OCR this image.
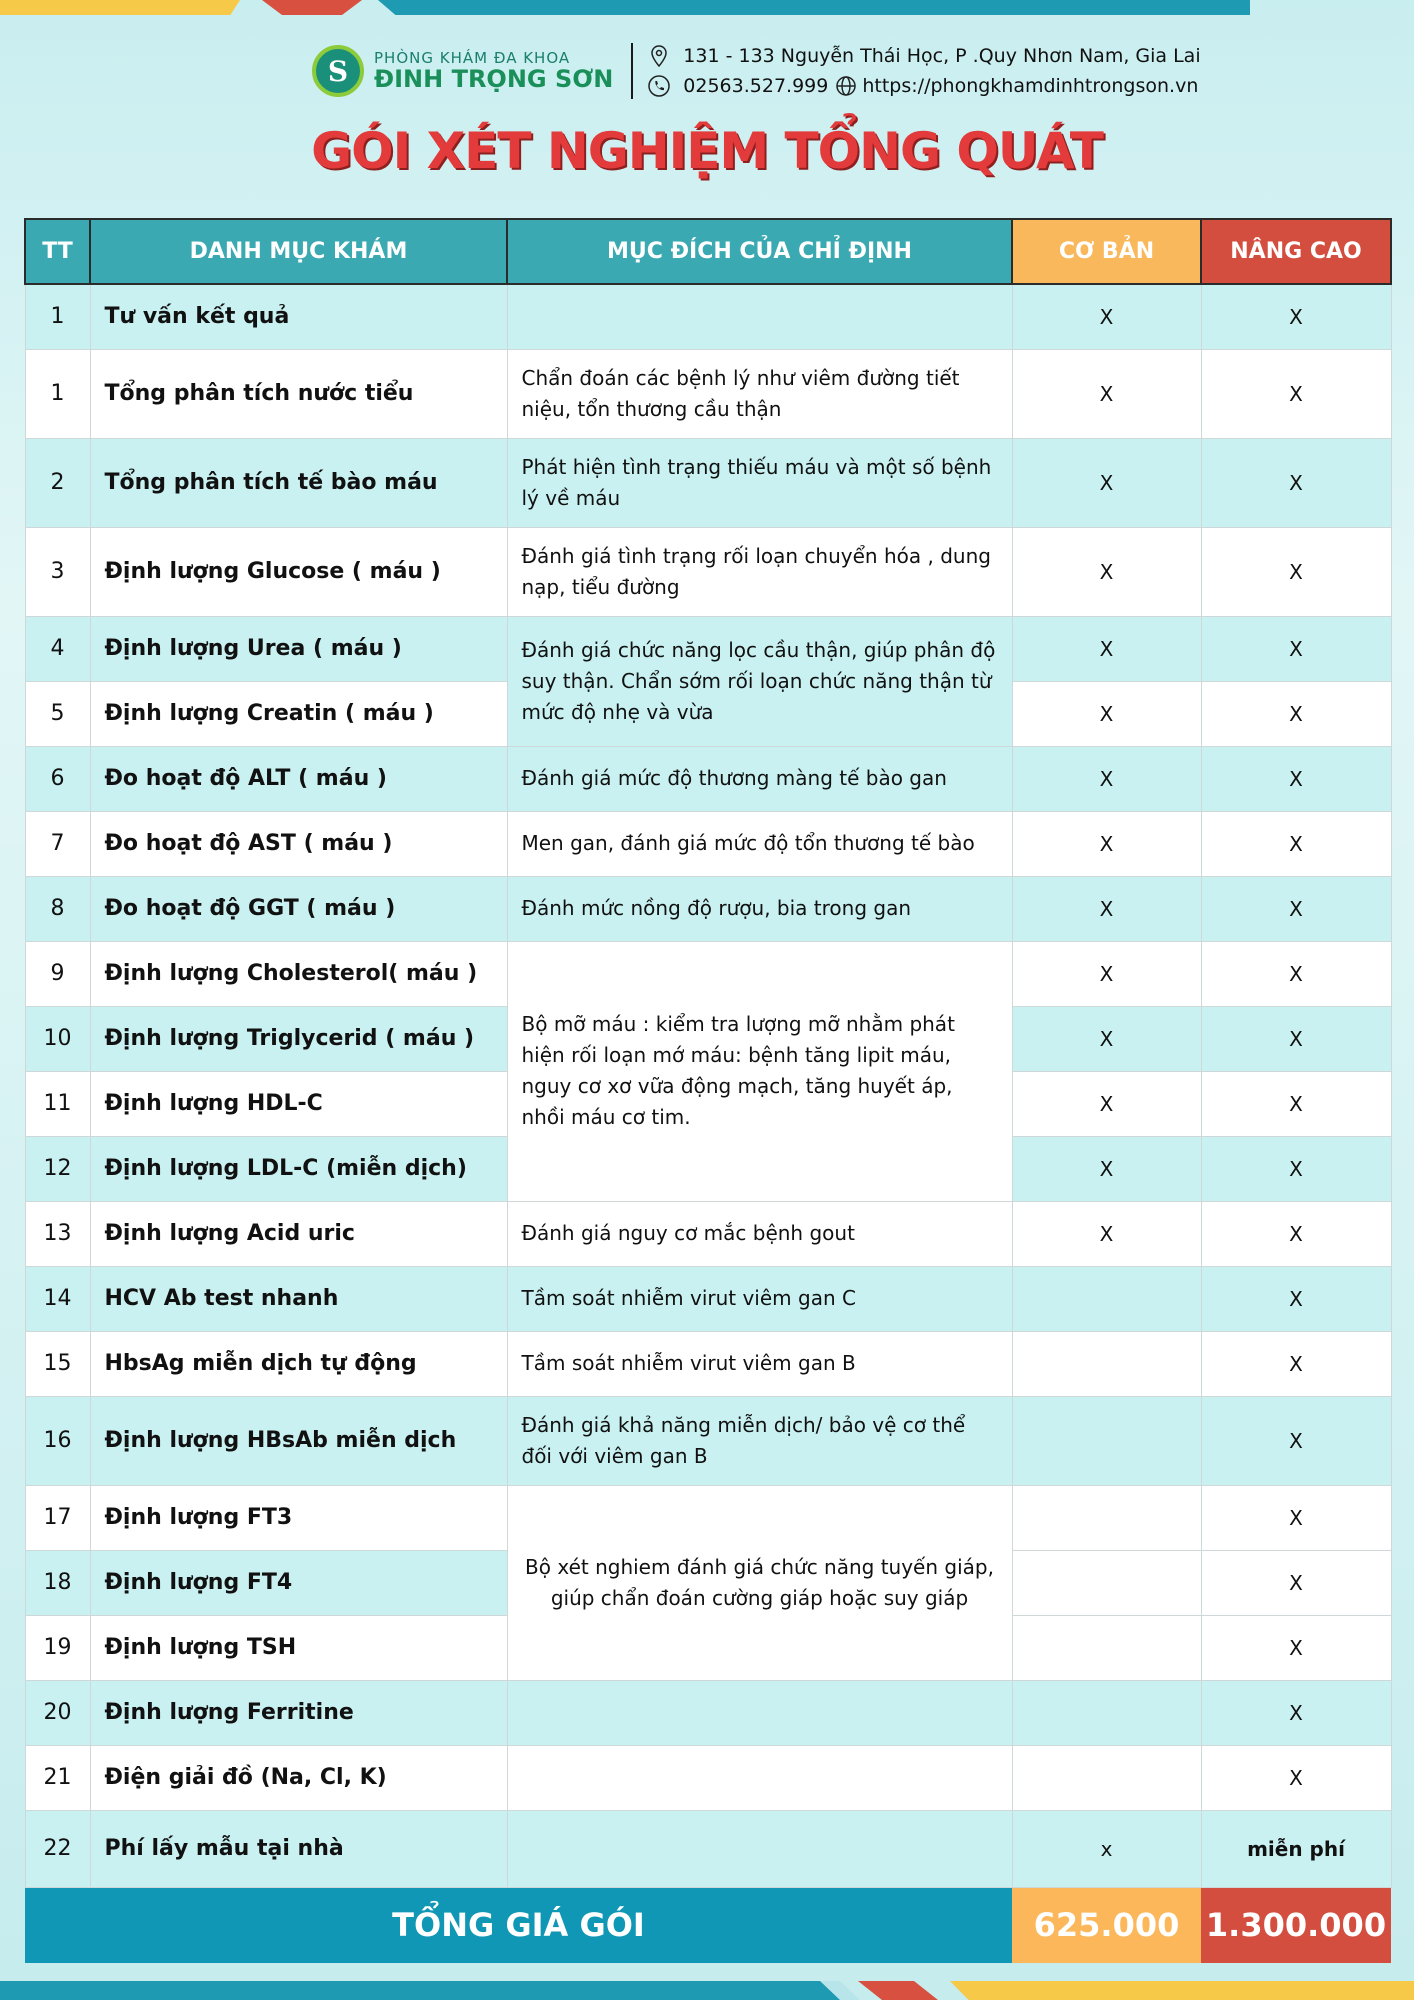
S	PHÒNG KHÁM ĐA KHOA
ĐINH TRỌNG SƠN
131 - 133 Nguyễn Thái Học, P .Quy Nhơn Nam, Gia Lai
02563.527.999 https://phongkhamdinhtrongson.vn
GÓI XÉT NGHIỆM TỔNG QUÁT
TT	DANH MỤC KHÁM	MỤC ĐÍCH CỦA CHỈ ĐỊNH	CƠ BẢN	NÂNG CAO
1	Tư vấn kết quả		X	X
1	Tổng phân tích nước tiểu	Chẩn đoán các bệnh lý như viêm đường tiết niệu, tổn thương cầu thận	X	X
2	Tổng phân tích tế bào máu	Phát hiện tình trạng thiếu máu và một số bệnh lý về máu	X	X
3	Định lượng Glucose ( máu )	Đánh giá tình trạng rối loạn chuyển hóa , dung nạp, tiểu đường	X	X
4	Định lượng Urea ( máu )	Đánh giá chức năng lọc cầu thận, giúp phân độ suy thận. Chẩn sớm rối loạn chức năng thận từ mức độ nhẹ và vừa	X	X
5	Định lượng Creatin ( máu )		X	X
6	Đo hoạt độ ALT ( máu )	Đánh giá mức độ thương màng tế bào gan	X	X
7	Đo hoạt độ AST ( máu )	Men gan, đánh giá mức độ tổn thương tế bào	X	X
8	Đo hoạt độ GGT ( máu )	Đánh mức nồng độ rượu, bia trong gan	X	X
9	Định lượng Cholesterol( máu )	Bộ mỡ máu : kiểm tra lượng mỡ nhằm phát hiện rối loạn mớ máu: bệnh tăng lipit máu, nguy cơ xơ vữa động mạch, tăng huyết áp, nhồi máu cơ tim.	X	X
10	Định lượng Triglycerid ( máu )		X	X
11	Định lượng HDL-C		X	X
12	Định lượng LDL-C (miễn dịch)		X	X
13	Định lượng Acid uric	Đánh giá nguy cơ mắc bệnh gout	X	X
14	HCV Ab test nhanh	Tầm soát nhiễm virut viêm gan C		X
15	HbsAg miễn dịch tự động	Tầm soát nhiễm virut viêm gan B		X
16	Định lượng HBsAb miễn dịch	Đánh giá khả năng miễn dịch/ bảo vệ cơ thể đối với viêm gan B		X
17	Định lượng FT3	Bộ xét nghiem đánh giá chức năng tuyến giáp, giúp chẩn đoán cường giáp hoặc suy giáp		X
18	Định lượng FT4			X
19	Định lượng TSH			X
20	Định lượng Ferritine			X
21	Điện giải đồ (Na, Cl, K)			X
22	Phí lấy mẫu tại nhà		x	miễn phí
TỔNG GIÁ GÓI			625.000	1.300.000
